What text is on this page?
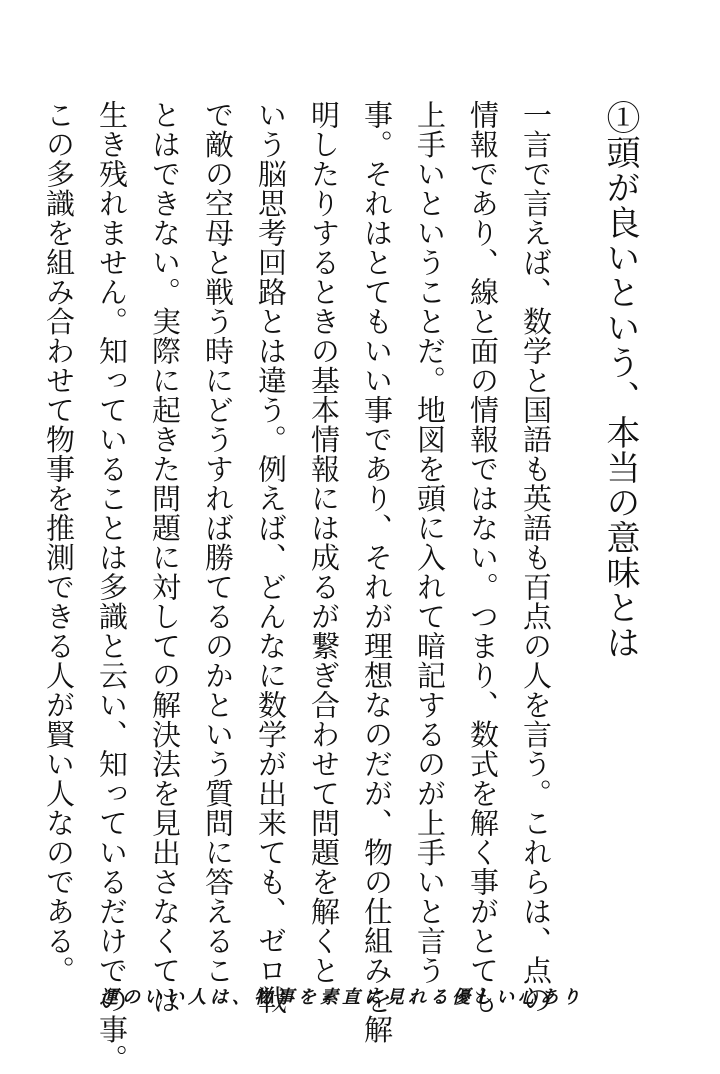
①頭が良いという、本当の意味とは
一言で言えば、数学と国語も英語も百点の人を言う。これらは、点の
情報であり、線と面の情報ではない。つまり、数式を解く事がとても
上手いということだ。地図を頭に入れて暗記するのが上手いと言う
事。それはとてもいい事であり、それが理想なのだが、物の仕組みを解
明したりするときの基本情報には成るが繋ぎ合わせて問題を解くと
いう脳思考回路とは違う。例えば、どんなに数学が出来ても、ゼロ戦
で敵の空母と戦う時にどうすれば勝てるのかという質問に答えるこ
とはできない。実際に起きた問題に対しての解決法を見出さなくては
生き残れません。知っていることは多識と云い、知っているだけでの事。
この多識を組み合わせて物事を推測できる人が賢い人なのである。
運のいい人は、物事を素直に見れる優しい心あり
